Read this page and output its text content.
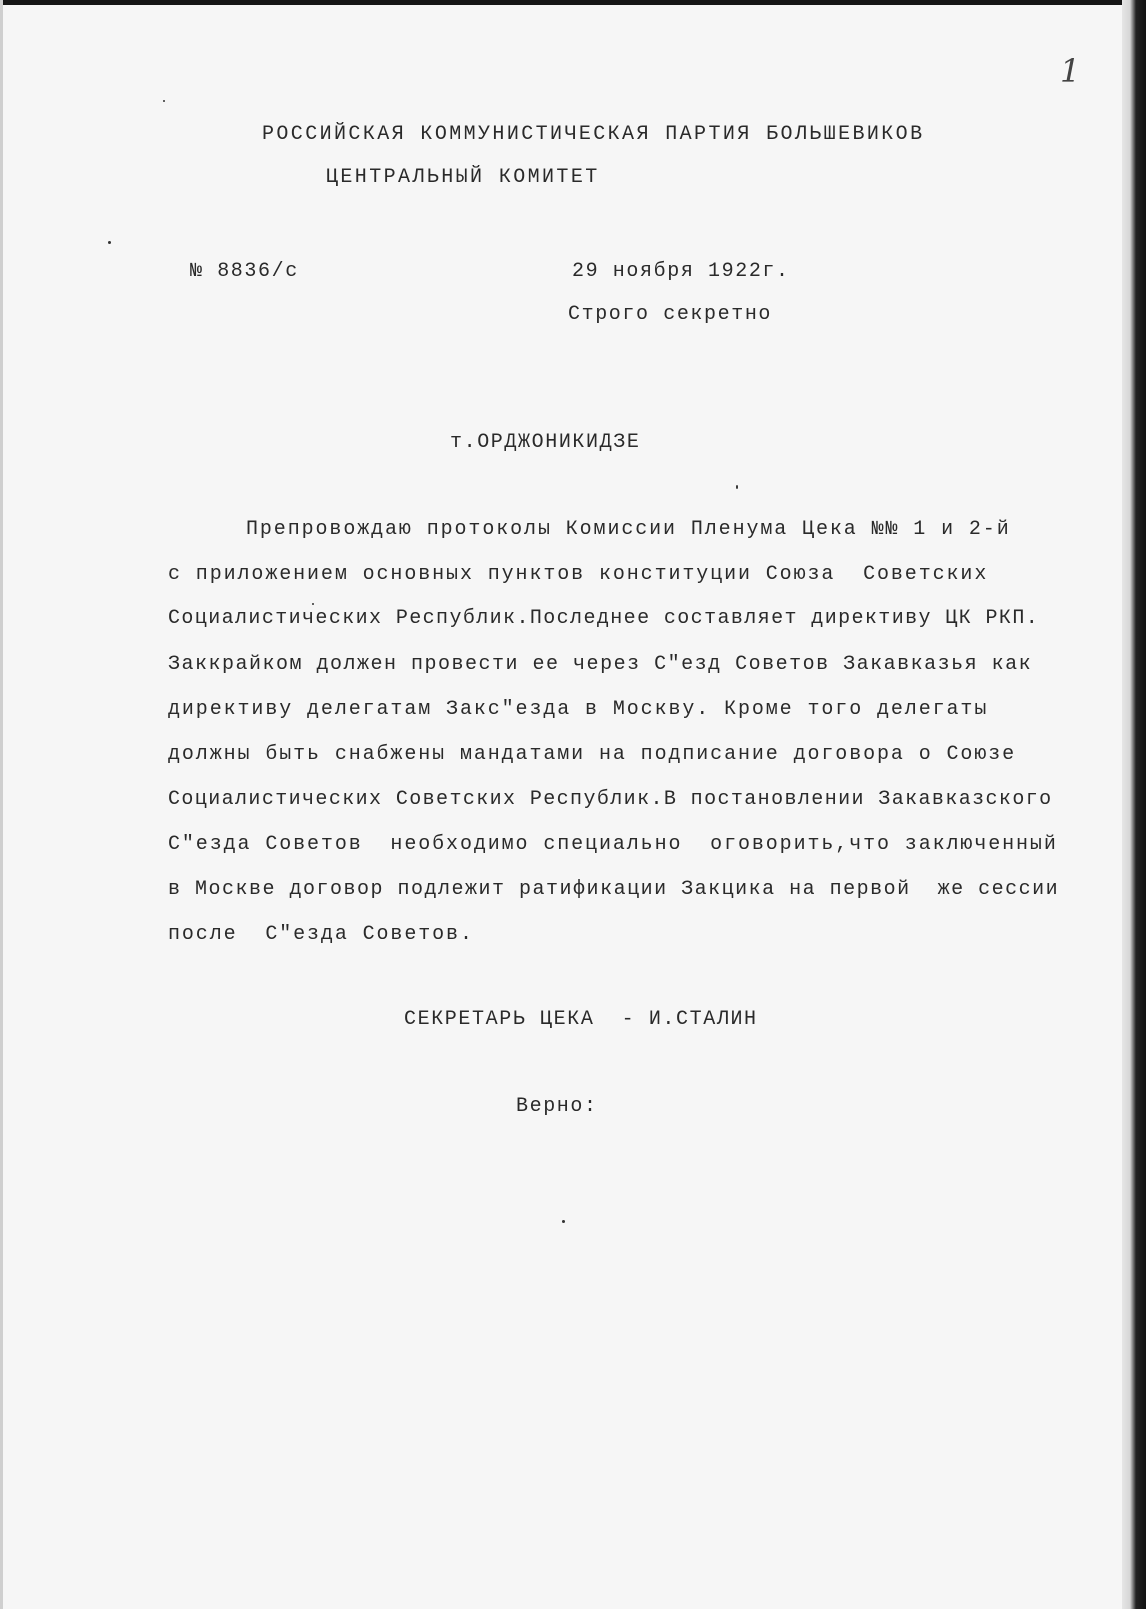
1
РОССИЙСКАЯ КОММУНИСТИЧЕСКАЯ ПАРТИЯ БОЛЬШЕВИКОВ
ЦЕНТРАЛЬНЫЙ КОМИТЕТ
№ 8836/с	29 ноября 1922г.
Строго секретно
т.ОРДЖОНИКИДЗЕ
Препровождаю протоколы Комиссии Пленума Цека №№ 1 и 2-й
с приложением основных пунктов конституции Союза  Советских
Социалистических Республик.Последнее составляет директиву ЦК РКП.
Заккрайком должен провести ее через С"езд Советов Закавказья как
директиву делегатам Закс"езда в Москву. Кроме того делегаты
должны быть снабжены мандатами на подписание договора о Союзе
Социалистических Советских Республик.В постановлении Закавказского
С"езда Советов  необходимо специально  оговорить,что заключенный
в Москве договор подлежит ратификации Закцика на первой  же сессии
после  С"езда Советов.
СЕКРЕТАРЬ ЦЕКА  - И.СТАЛИН
Верно:
